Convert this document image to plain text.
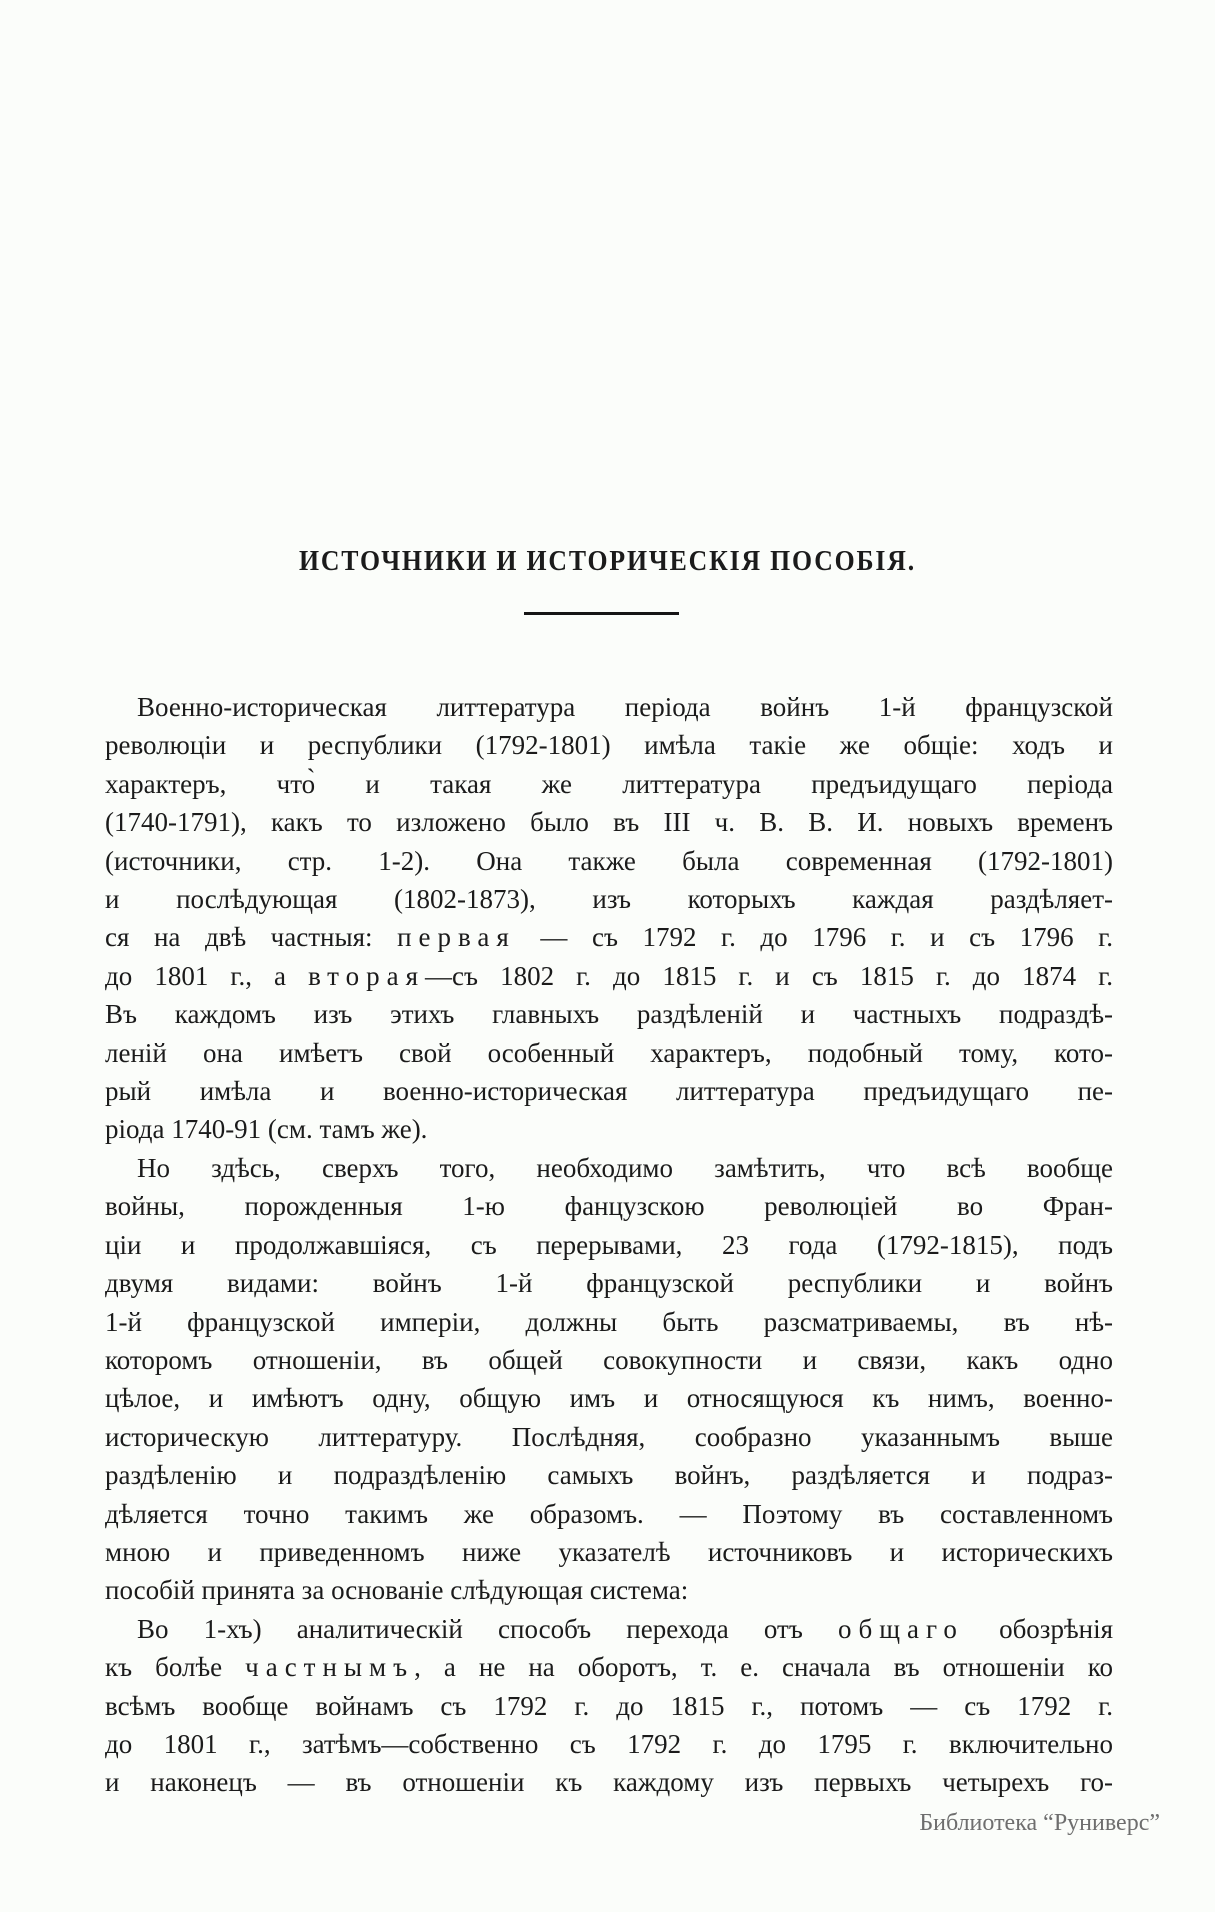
ИСТОЧНИКИ И ИСТОРИЧЕСКІЯ ПОСОБІЯ.
Военно-историческая литтература періода войнъ 1-й французской
революціи и республики (1792-1801) имѣла такіе же общіе: ходъ и
характеръ, что̀ и такая же литтература предъидущаго періода
(1740-1791), какъ то изложено было въ III ч. В. В. И. новыхъ временъ
(источники, стр. 1-2). Она также была современная (1792-1801)
и послѣдующая (1802-1873), изъ которыхъ каждая раздѣляет-
ся на двѣ частныя: первая — съ 1792 г. до 1796 г. и съ 1796 г.
до 1801 г., а вторая—съ 1802 г. до 1815 г. и съ 1815 г. до 1874 г.
Въ каждомъ изъ этихъ главныхъ раздѣленій и частныхъ подраздѣ-
леній она имѣетъ свой особенный характеръ, подобный тому, кото-
рый имѣла и военно-историческая литтература предъидущаго пе-
ріода 1740-91 (см. тамъ же).
Но здѣсь, сверхъ того, необходимо замѣтить, что всѣ вообще
войны, порожденныя 1-ю фанцузскою революціей во Фран-
ціи и продолжавшіяся, съ перерывами, 23 года (1792-1815), подъ
двумя видами: войнъ 1-й французской республики и войнъ
1-й французской имперіи, должны быть разсматриваемы, въ нѣ-
которомъ отношеніи, въ общей совокупности и связи, какъ одно
цѣлое, и имѣютъ одну, общую имъ и относящуюся къ нимъ, военно-
историческую литтературу. Послѣдняя, сообразно указаннымъ выше
раздѣленію и подраздѣленію самыхъ войнъ, раздѣляется и подраз-
дѣляется точно такимъ же образомъ. — Поэтому въ составленномъ
мною и приведенномъ ниже указателѣ источниковъ и историческихъ
пособій принята за основаніе слѣдующая система:
Во 1-хъ) аналитическій способъ перехода отъ общаго обозрѣнія
къ болѣе частнымъ, а не на оборотъ, т. е. сначала въ отношеніи ко
всѣмъ вообще войнамъ съ 1792 г. до 1815 г., потомъ — съ 1792 г.
до 1801 г., затѣмъ—собственно съ 1792 г. до 1795 г. включительно
и наконецъ — въ отношеніи къ каждому изъ первыхъ четырехъ го-
Библиотека “Руниверс”
